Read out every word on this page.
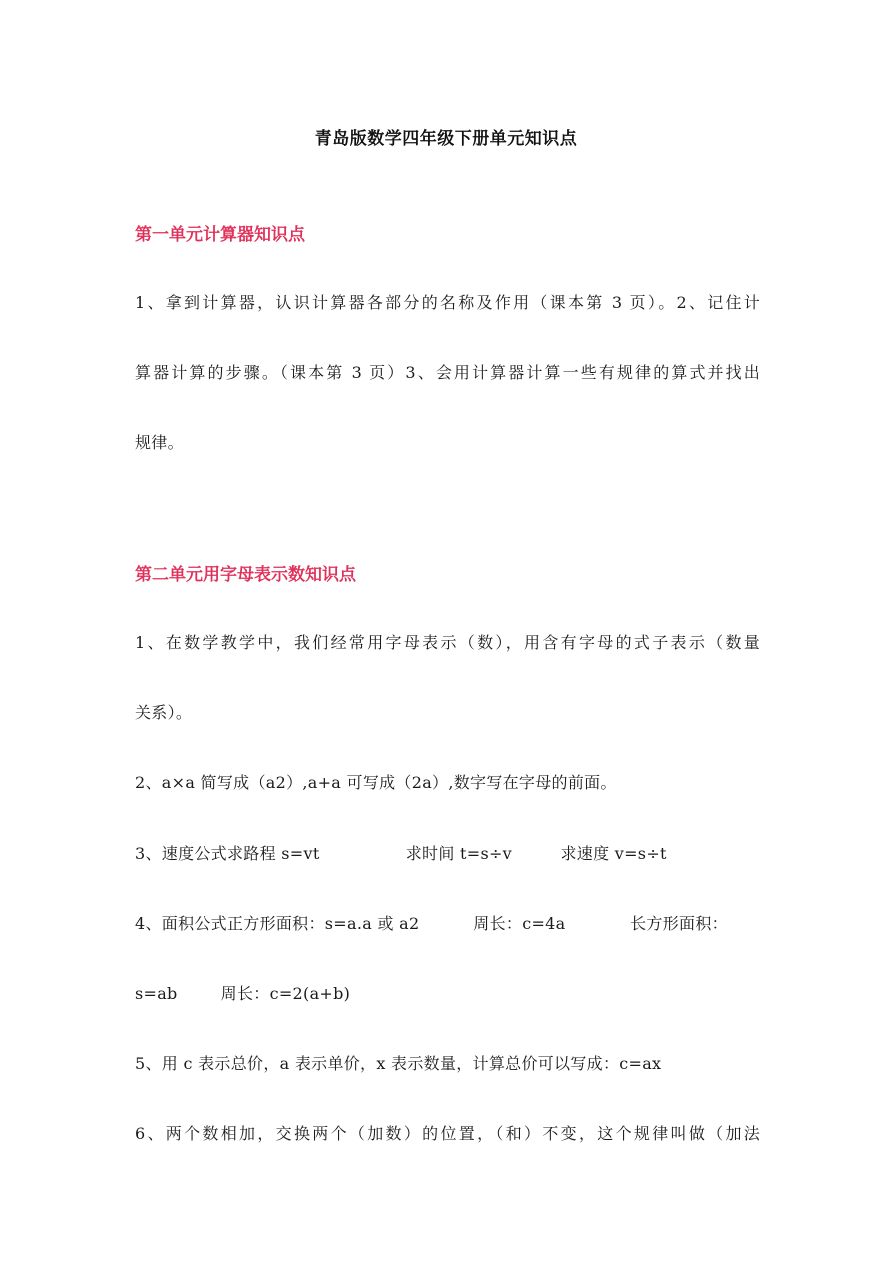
青岛版数学四年级下册单元知识点
第一单元计算器知识点
1、拿到计算器，认识计算器各部分的名称及作用（课本第 3 页）。2、记住计
算器计算的步骤。（课本第 3 页）3、会用计算器计算一些有规律的算式并找出
规律。
第二单元用字母表示数知识点
1、在数学教学中，我们经常用字母表示（数），用含有字母的式子表示（数量
关系）。
2、a×a 简写成（a2）,a+a 可写成（2a）,数字写在字母的前面。
3、速度公式求路程 s=vt                求时间 t=s÷v         求速度 v=s÷t
4、面积公式正方形面积：s=a.a 或 a2          周长：c=4a            长方形面积：
s=ab        周长：c=2(a+b)
5、用 c 表示总价，a 表示单价，x 表示数量，计算总价可以写成：c=ax
6、两个数相加，交换两个（加数）的位置，（和）不变，这个规律叫做（加法
